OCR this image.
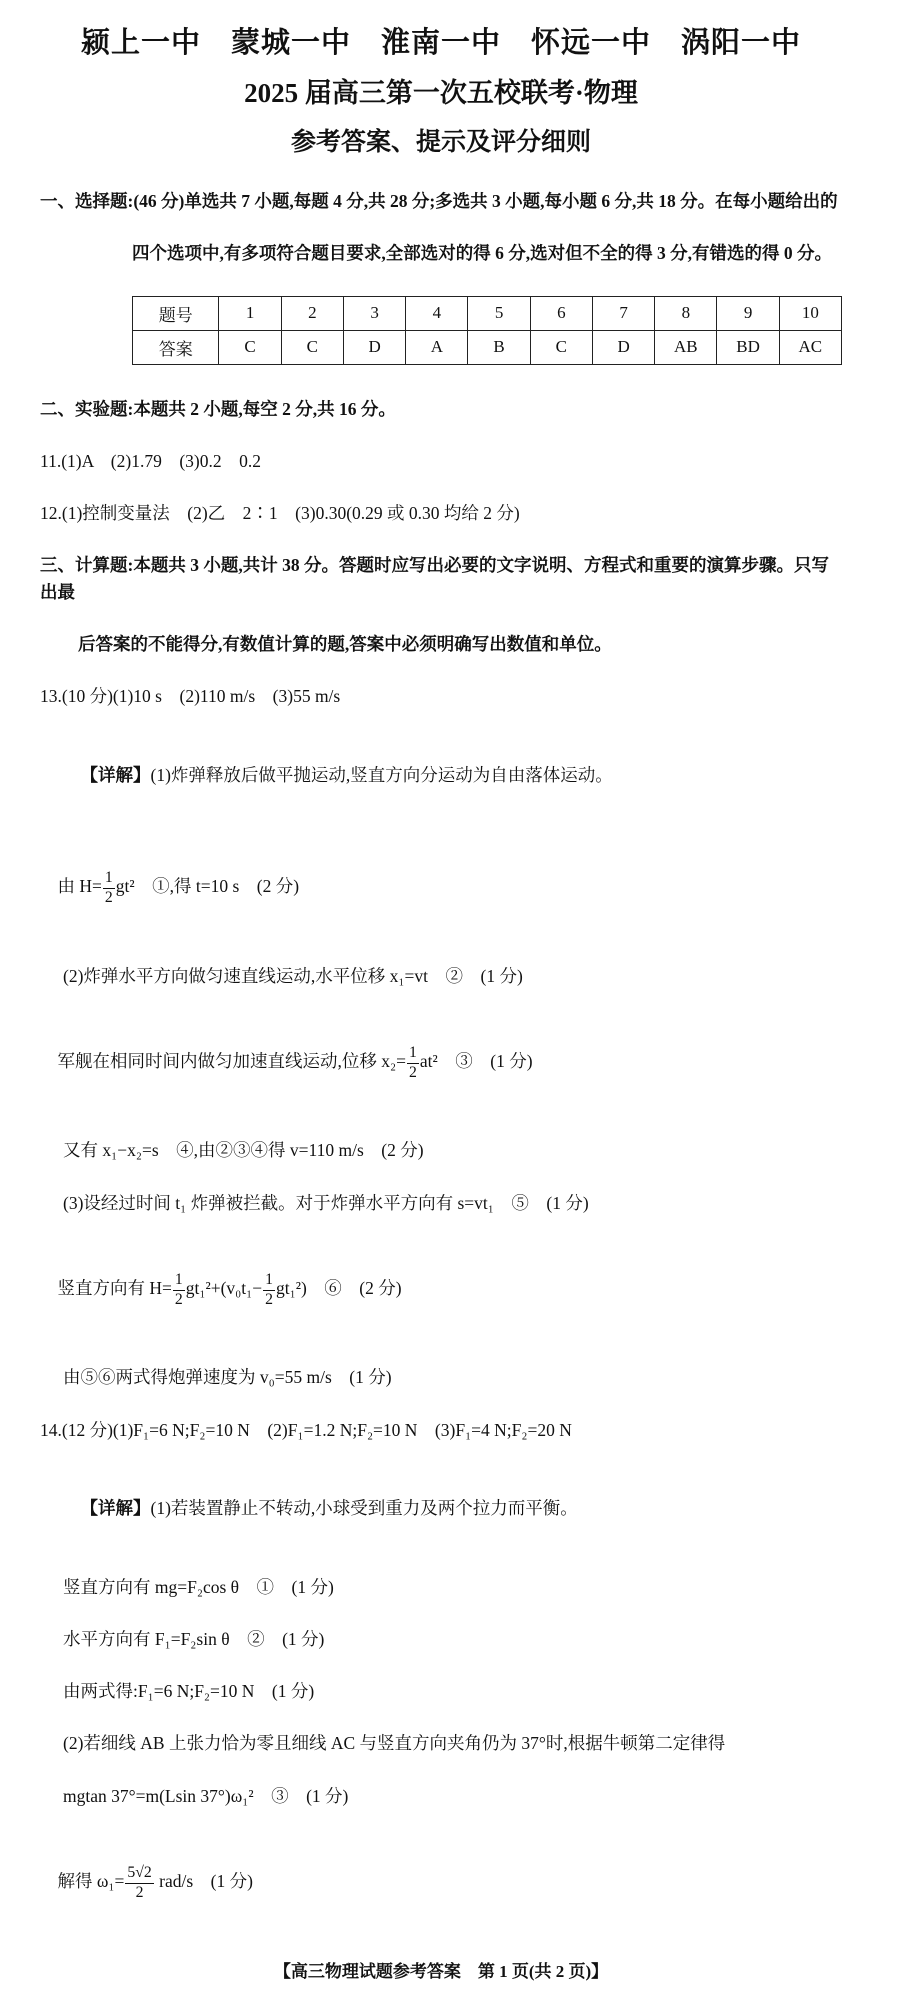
颍上一中　蒙城一中　淮南一中　怀远一中　涡阳一中
2025 届高三第一次五校联考·物理
参考答案、提示及评分细则
一、选择题:(46 分)单选共 7 小题,每题 4 分,共 28 分;多选共 3 小题,每小题 6 分,共 18 分。在每小题给出的
四个选项中,有多项符合题目要求,全部选对的得 6 分,选对但不全的得 3 分,有错选的得 0 分。
题号	1	2	3	4	5	6	7	8	9	10
答案	C	C	D	A	B	C	D	AB	BD	AC
二、实验题:本题共 2 小题,每空 2 分,共 16 分。
11.(1)A　(2)1.79　(3)0.2　0.2
12.(1)控制变量法　(2)乙　2∶1　(3)0.30(0.29 或 0.30 均给 2 分)
三、计算题:本题共 3 小题,共计 38 分。答题时应写出必要的文字说明、方程式和重要的演算步骤。只写出最
后答案的不能得分,有数值计算的题,答案中必须明确写出数值和单位。
13.(10 分)(1)10 s　(2)110 m/s　(3)55 m/s

【详解】(1)炸弹释放后做平抛运动,竖直方向分运动为自由落体运动。

由 $H= \frac{1}{2} gt^2$　①,得 t=10 s　(2 分)

(2)炸弹水平方向做匀速直线运动,水平位移 x₁=vt　②　(1 分)

军舰在相同时间内做匀加速直线运动,位移 $x_2= \frac{1}{2} at^2$　③　(1 分)

又有 x₁−x₂=s　④,由②③④得 v=110 m/s　(2 分)
(3)设经过时间 t₁ 炸弹被拦截。对于炸弹水平方向有 s=vt₁　⑤　(1 分)

竖直方向有 $H= \frac{1}{2} gt_1^2+(v_0t_1- \frac{1}{2} gt_1^2)$　⑥　(2 分)

由⑤⑥两式得炮弹速度为 v₀=55 m/s　(1 分)
14.(12 分)(1)F₁=6 N;F₂=10 N　(2)F₁=1.2 N;F₂=10 N　(3)F₁=4 N;F₂=20 N

【详解】(1)若装置静止不转动,小球受到重力及两个拉力而平衡。

竖直方向有 mg=F₂cos θ　①　(1 分)
水平方向有 F₁=F₂sin θ　②　(1 分)
由两式得:F₁=6 N;F₂=10 N　(1 分)
(2)若细线 AB 上张力恰为零且细线 AC 与竖直方向夹角仍为 37°时,根据牛顿第二定律得
mgtan 37°=m(Lsin 37°)ω₁²　③　(1 分)

解得 $\omega_1= \frac{5√2}{2} rad/s$　(1 分)

【高三物理试题参考答案　第 1 页(共 2 页)】
